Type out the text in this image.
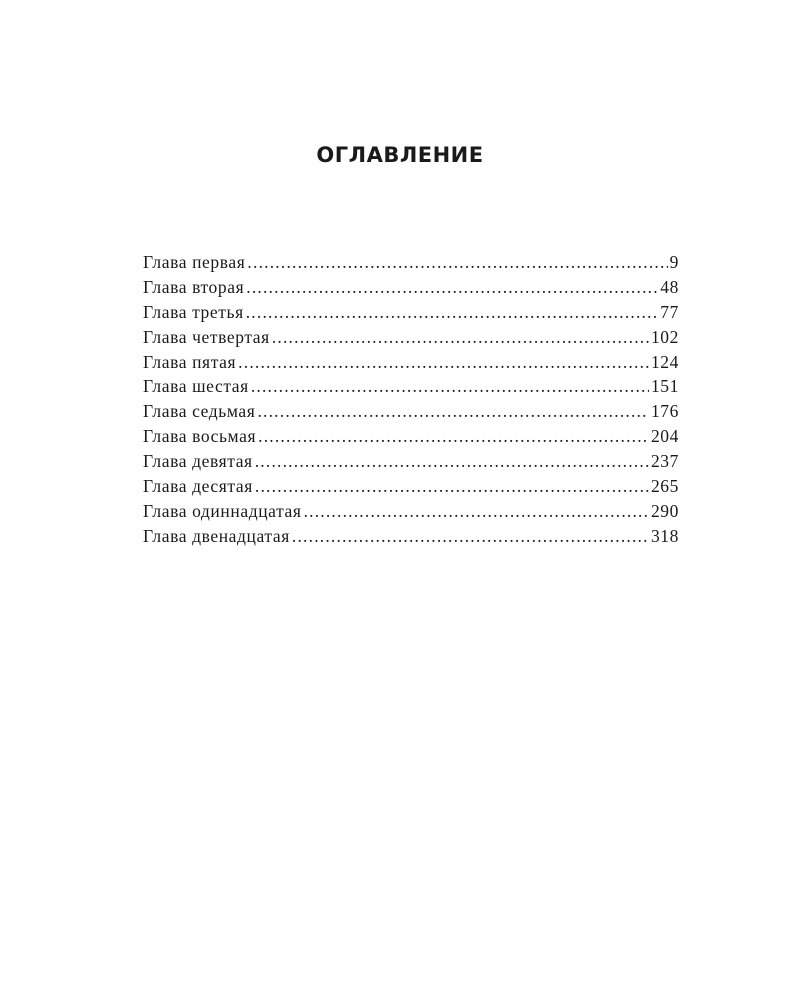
ОГЛАВЛЕНИЕ
Глава первая .....	9
Глава вторая .....	48
Глава третья .....	77
Глава четвертая .....	102
Глава пятая .....	124
Глава шестая .....	151
Глава седьмая .....	176
Глава восьмая .....	204
Глава девятая .....	237
Глава десятая .....	265
Глава одиннадцатая .....	290
Глава двенадцатая .....	318
